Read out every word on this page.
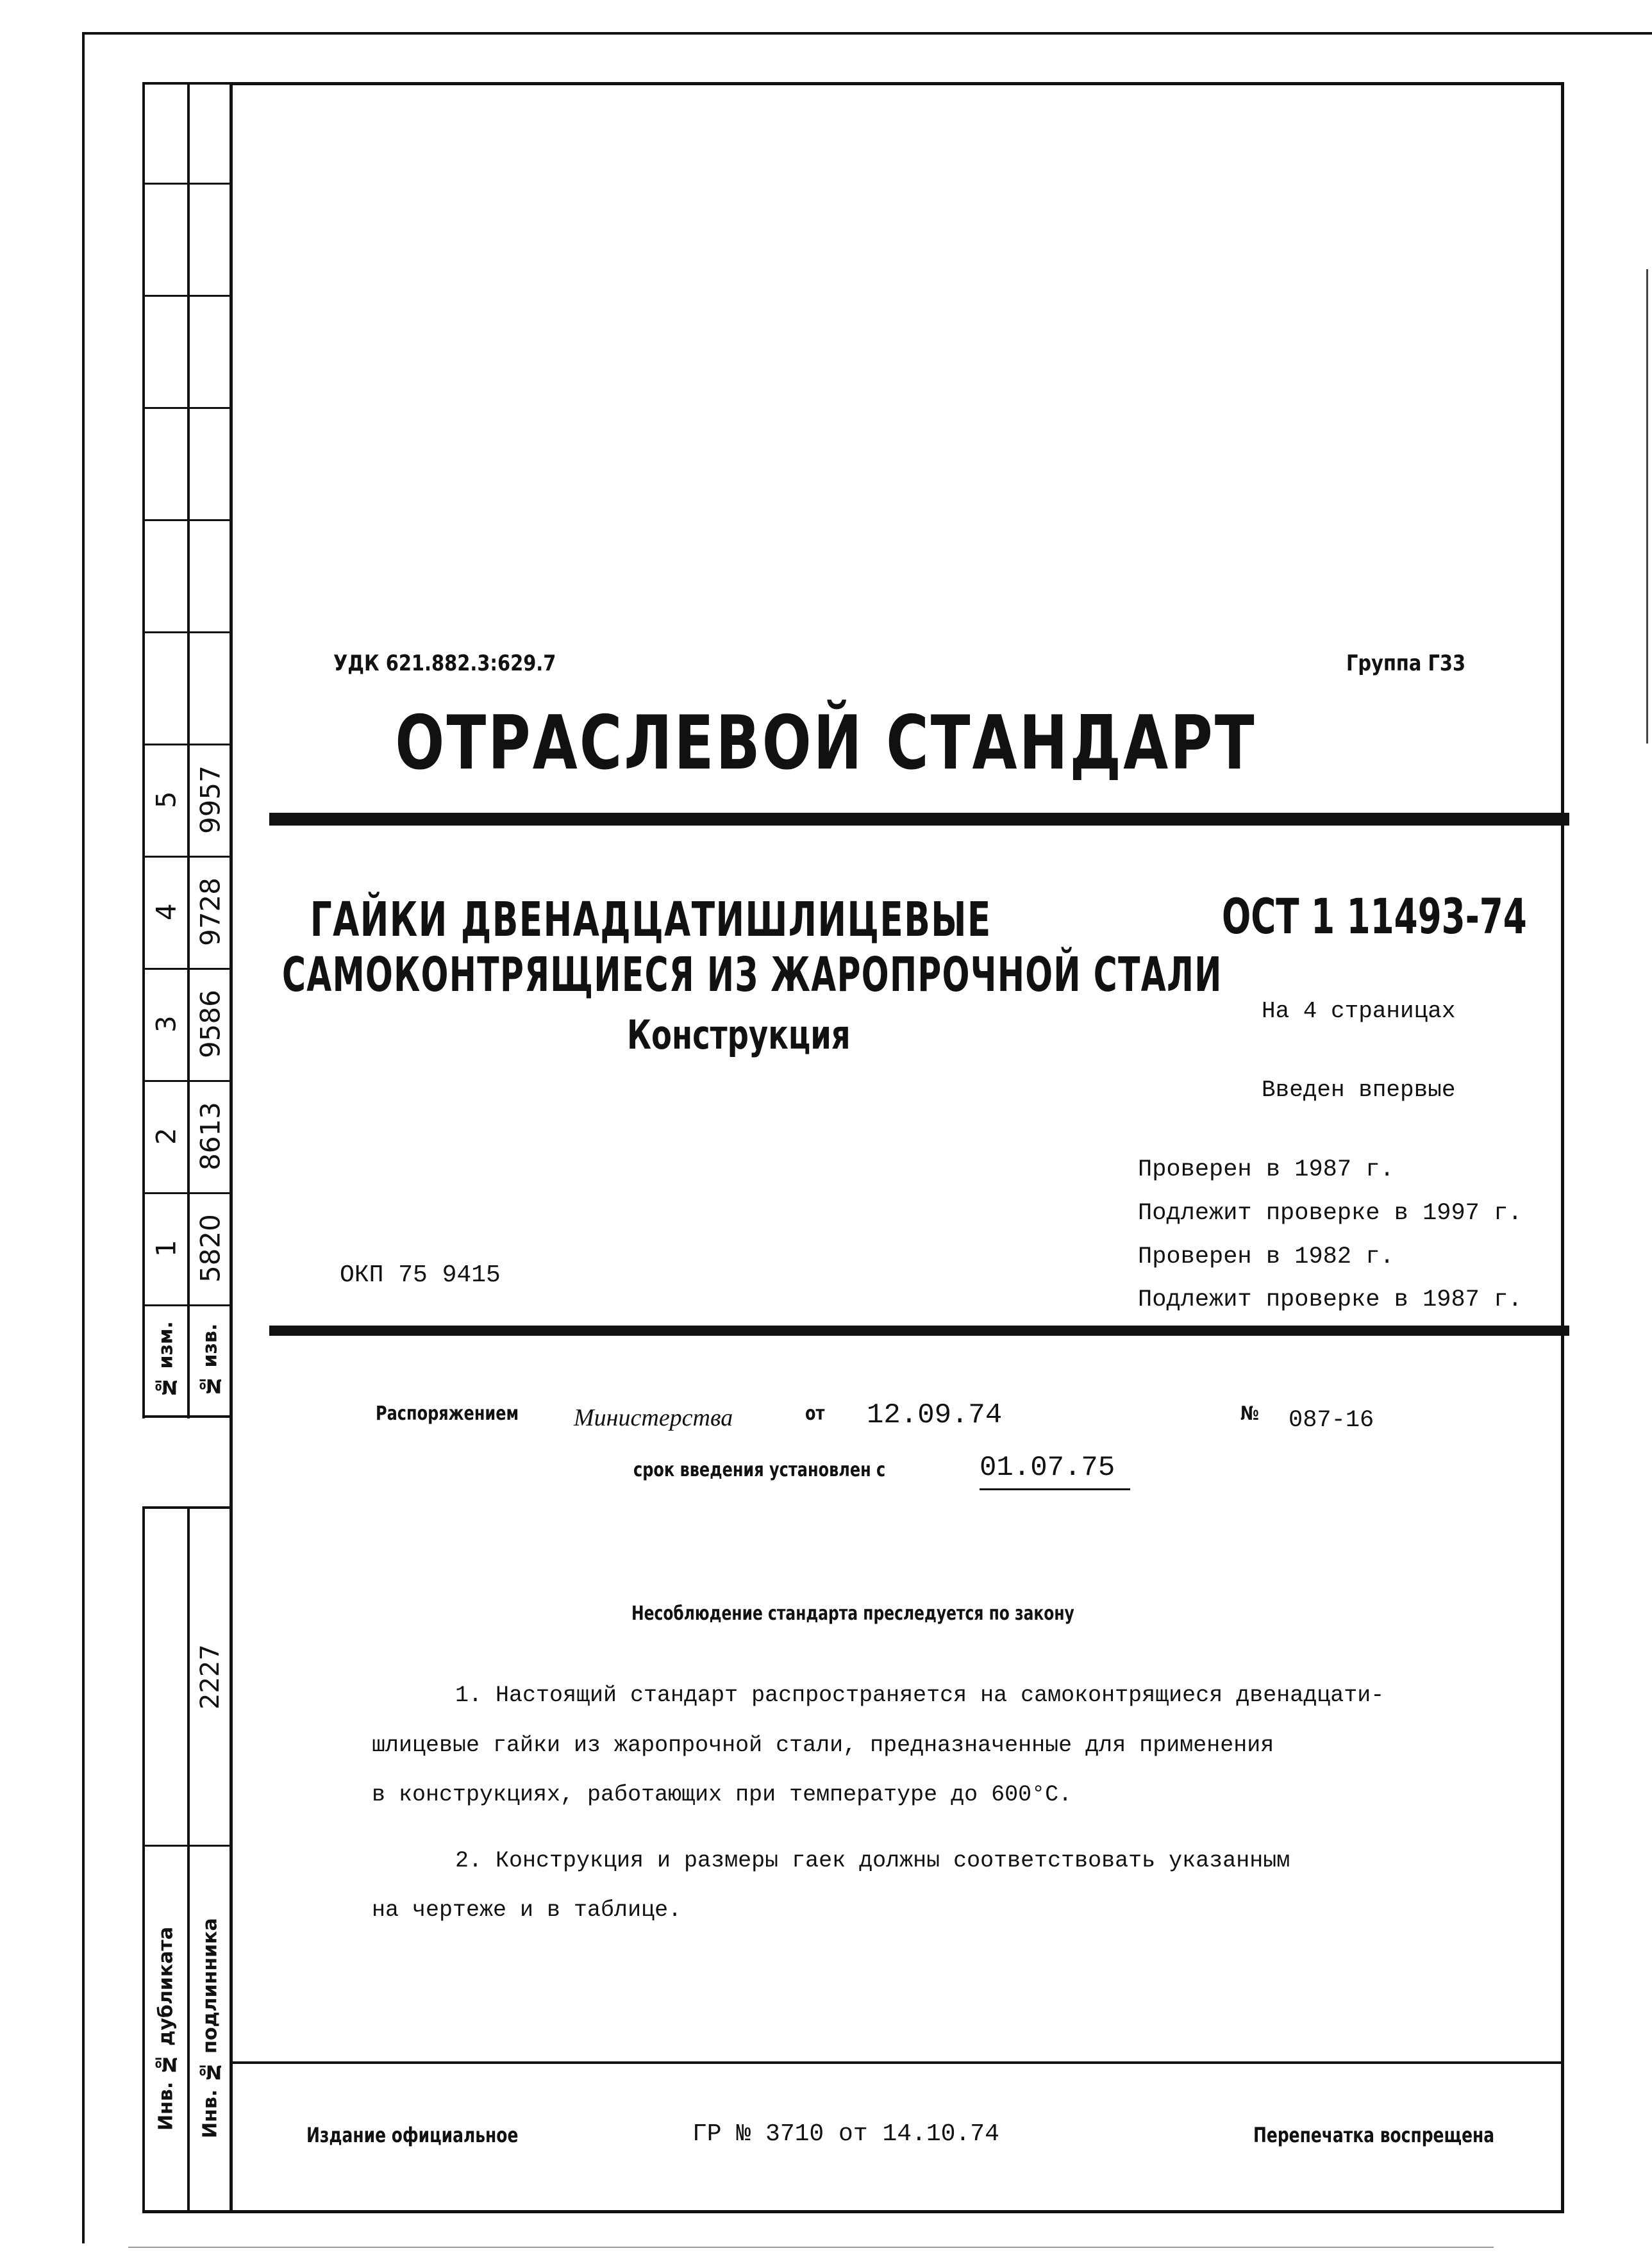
5 9957
4 9728
3 9586
2 8613
1 5820
№ изм.	№ изв.
2227
Инв. № дубликата	Инв. № подлинника
УДК 621.882.3:629.7	Группа Г33
ОТРАСЛЕВОЙ СТАНДАРТ
ГАЙКИ ДВЕНАДЦАТИШЛИЦЕВЫЕ
САМОКОНТРЯЩИЕСЯ ИЗ ЖАРОПРОЧНОЙ СТАЛИ
Конструкция
ОСТ 1 11493-74
На 4 страницах
Введен впервые
Проверен в 1987 г.
Подлежит проверке в 1997 г.
Проверен в 1982 г.
Подлежит проверке в 1987 г.
ОКП 75 9415
Распоряжением	Министерства	от 12.09.74	№ 087-16
срок введения установлен с	01.07.75
Несоблюдение стандарта преследуется по закону
1. Настоящий стандарт распространяется на самоконтрящиеся двенадцати-
шлицевые гайки из жаропрочной стали, предназначенные для применения
в конструкциях, работающих при температуре до 600°С.
2. Конструкция и размеры гаек должны соответствовать указанным
на чертеже и в таблице.
Издание официальное	ГР № 3710 от 14.10.74	Перепечатка воспрещена
